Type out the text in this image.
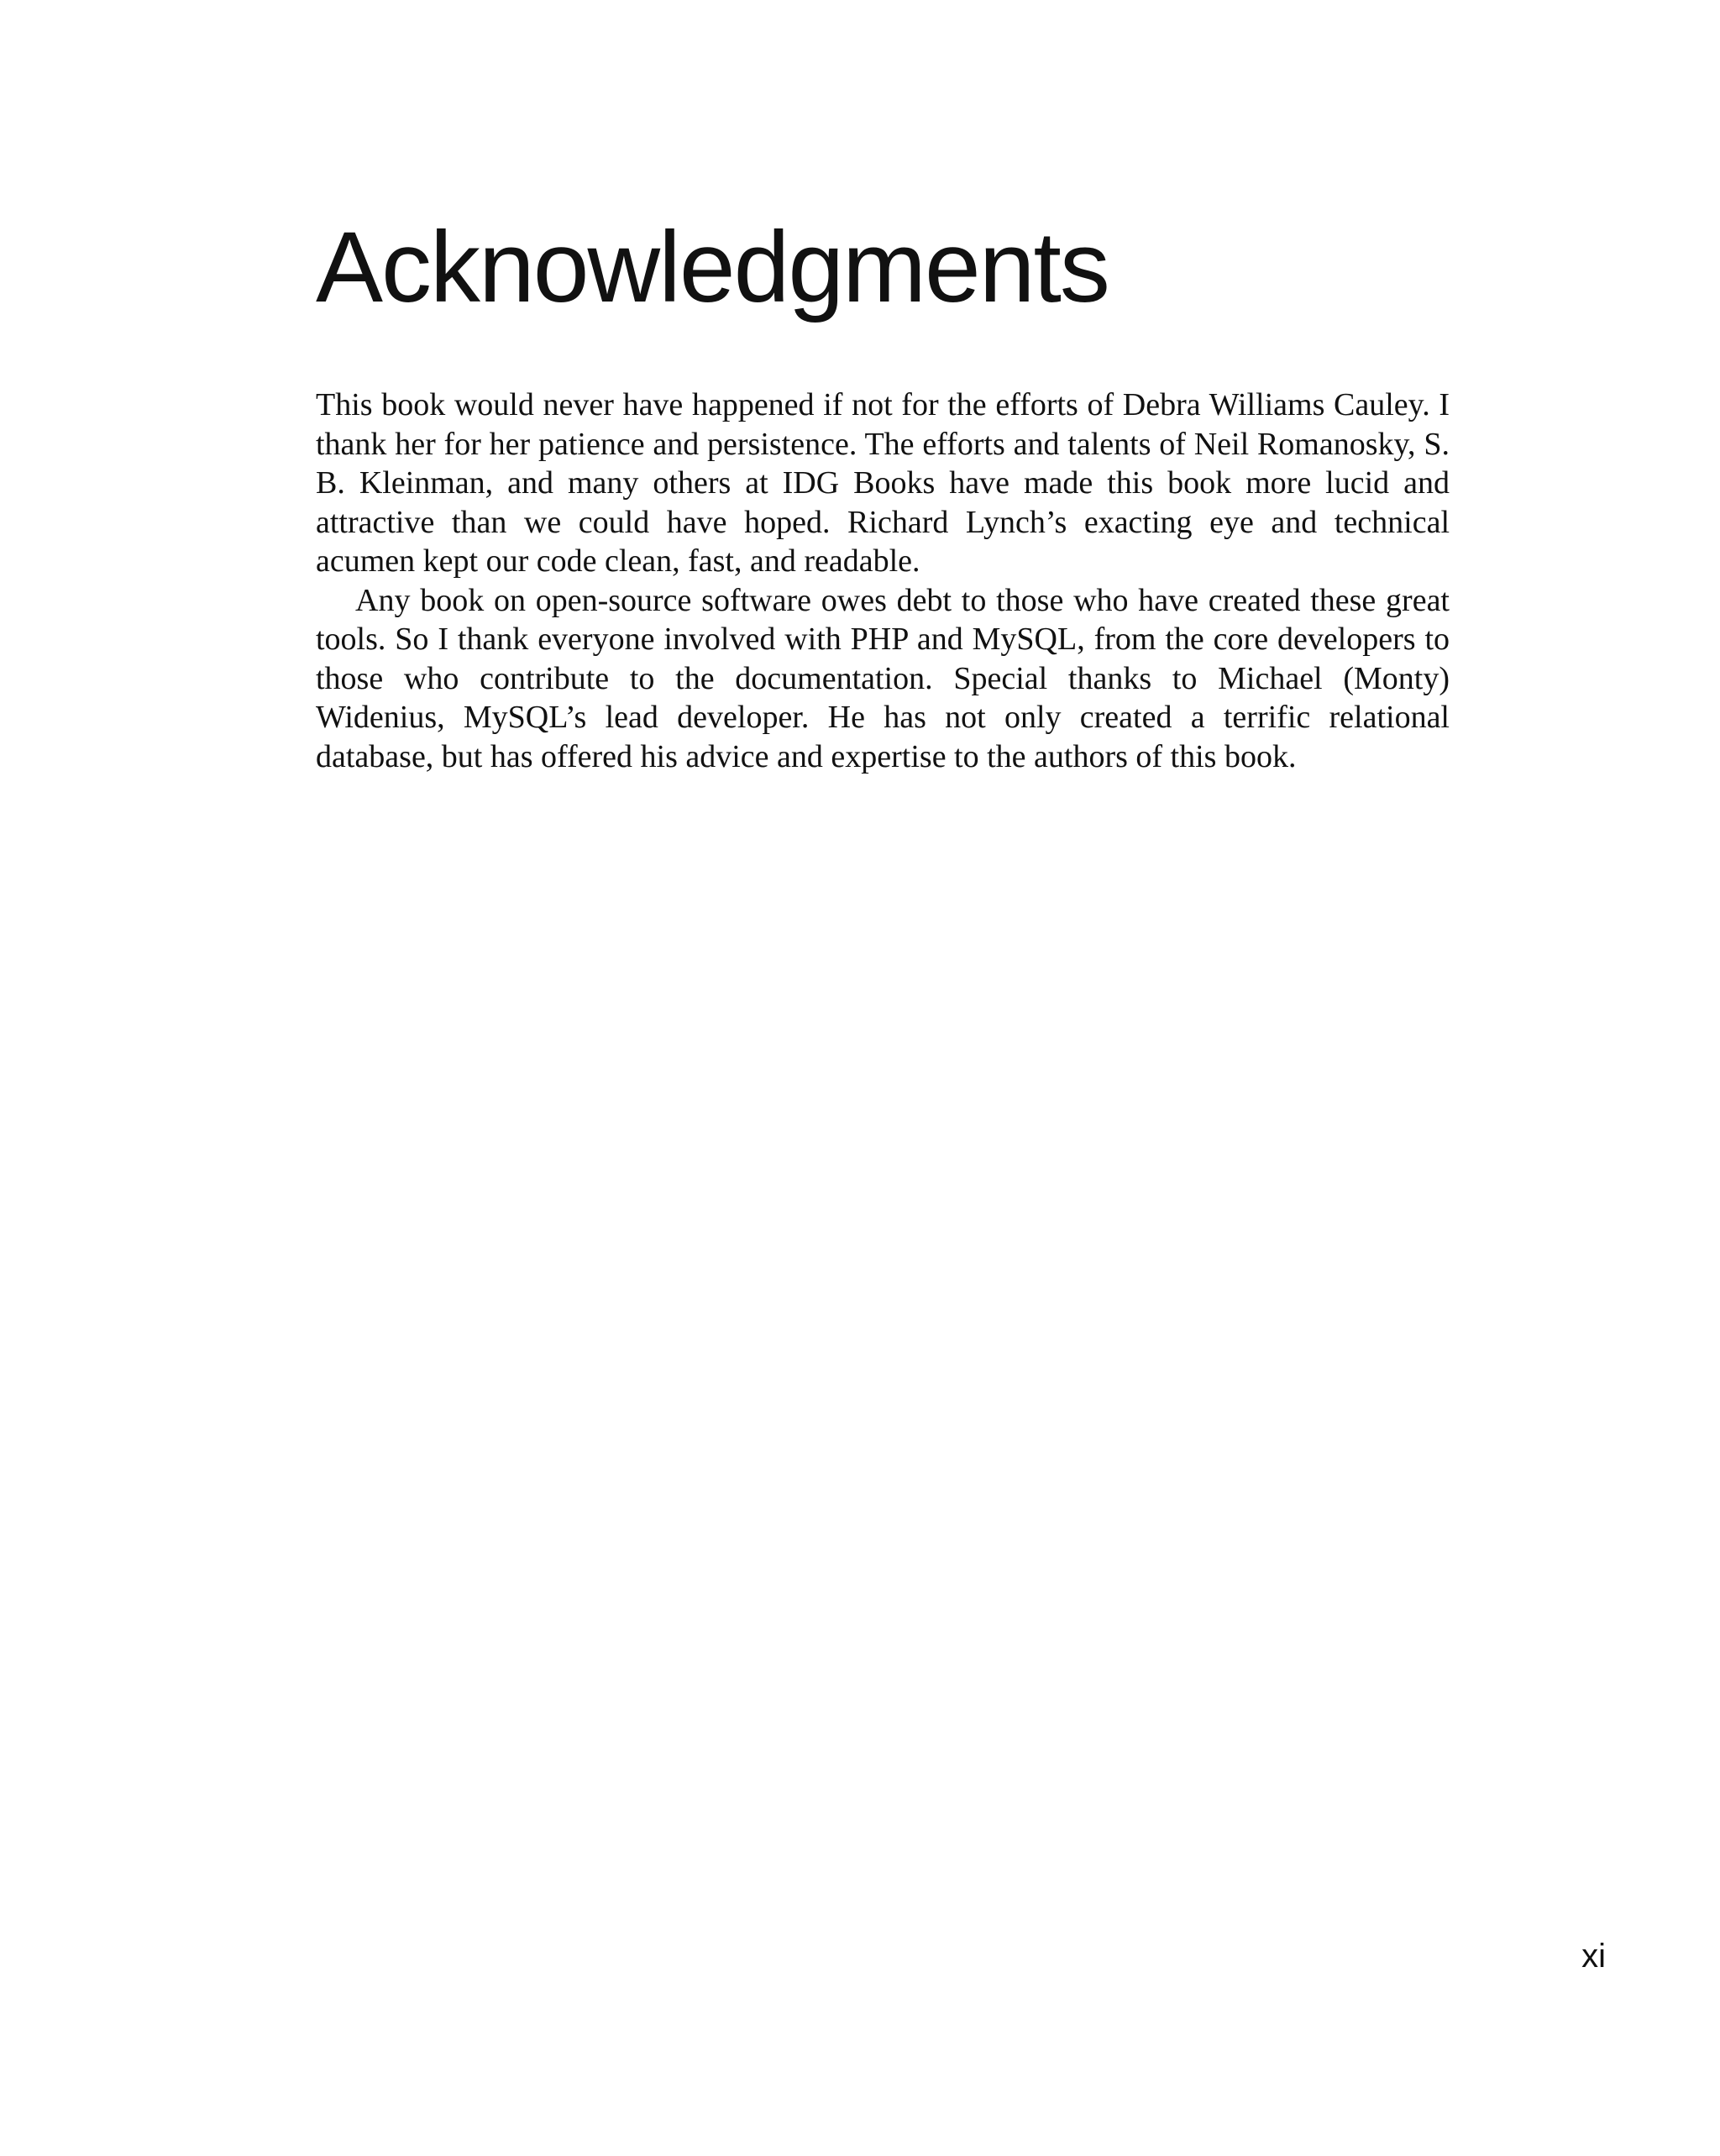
Acknowledgments

This book would never have happened if not for the efforts of Debra Williams Cauley. I thank her for her patience and persistence. The efforts and talents of Neil Romanosky, S. B. Kleinman, and many others at IDG Books have made this book more lucid and attractive than we could have hoped. Richard Lynch’s exacting eye and technical acumen kept our code clean, fast, and readable.

Any book on open-source software owes debt to those who have created these great tools. So I thank everyone involved with PHP and MySQL, from the core developers to those who contribute to the documentation. Special thanks to Michael (Monty) Widenius, MySQL’s lead developer. He has not only created a terrific relational database, but has offered his advice and expertise to the authors of this book.

xi
